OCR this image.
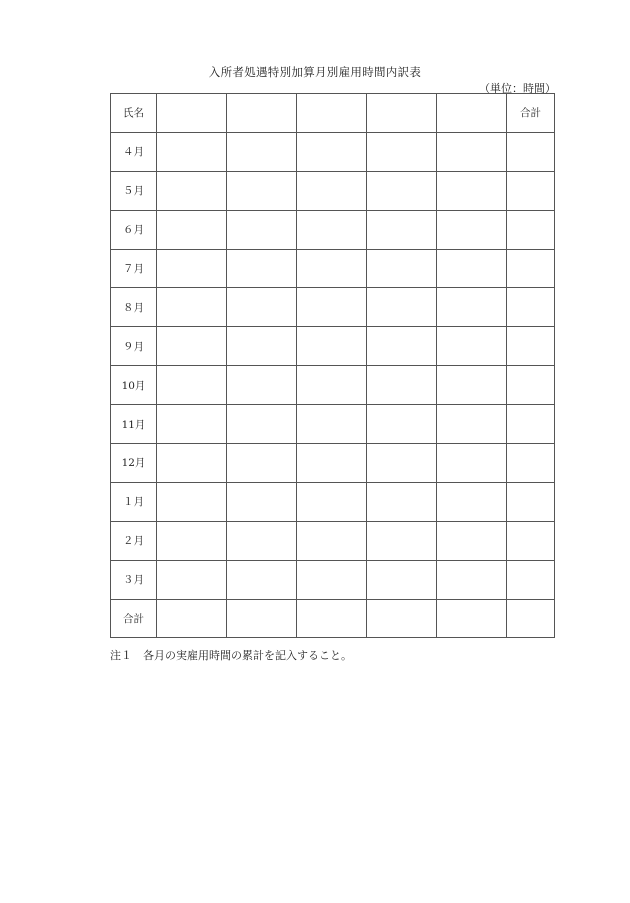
入所者処遇特別加算月別雇用時間内訳表
（単位：時間）
氏名						合計
４月						
５月						
６月						
７月						
８月						
９月						
10月						
11月						
12月						
１月						
２月						
３月						
合計						
注１　各月の実雇用時間の累計を記入すること。
